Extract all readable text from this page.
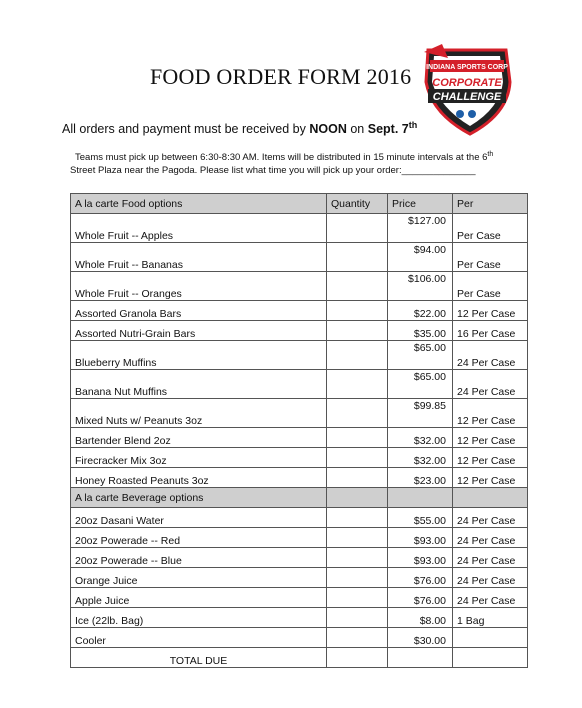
FOOD ORDER FORM 2016 INDIANA SPORTS CORP
CORPORATE
CHALLENGE
All orders and payment must be received by NOON on Sept. 7th
Teams must pick up between 6:30-8:30 AM. Items will be distributed in 15 minute intervals at the 6th
Street Plaza near the Pagoda. Please list what time you will pick up your order:______________
A la carte Food options	Quantity	Price	Per
Whole Fruit -- Apples		$127.00	Per Case
Whole Fruit -- Bananas		$94.00	Per Case
Whole Fruit -- Oranges		$106.00	Per Case
Assorted Granola Bars		$22.00	12 Per Case
Assorted Nutri-Grain Bars		$35.00	16 Per Case
Blueberry Muffins		$65.00	24 Per Case
Banana Nut Muffins		$65.00	24 Per Case
Mixed Nuts w/ Peanuts 3oz		$99.85	12 Per Case
Bartender Blend 2oz		$32.00	12 Per Case
Firecracker Mix 3oz		$32.00	12 Per Case
Honey Roasted Peanuts 3oz		$23.00	12 Per Case
A la carte Beverage options			
20oz Dasani Water		$55.00	24 Per Case
20oz Powerade -- Red		$93.00	24 Per Case
20oz Powerade -- Blue		$93.00	24 Per Case
Orange Juice		$76.00	24 Per Case
Apple Juice		$76.00	24 Per Case
Ice (22lb. Bag)		$8.00	1 Bag
Cooler		$30.00	
TOTAL DUE			
